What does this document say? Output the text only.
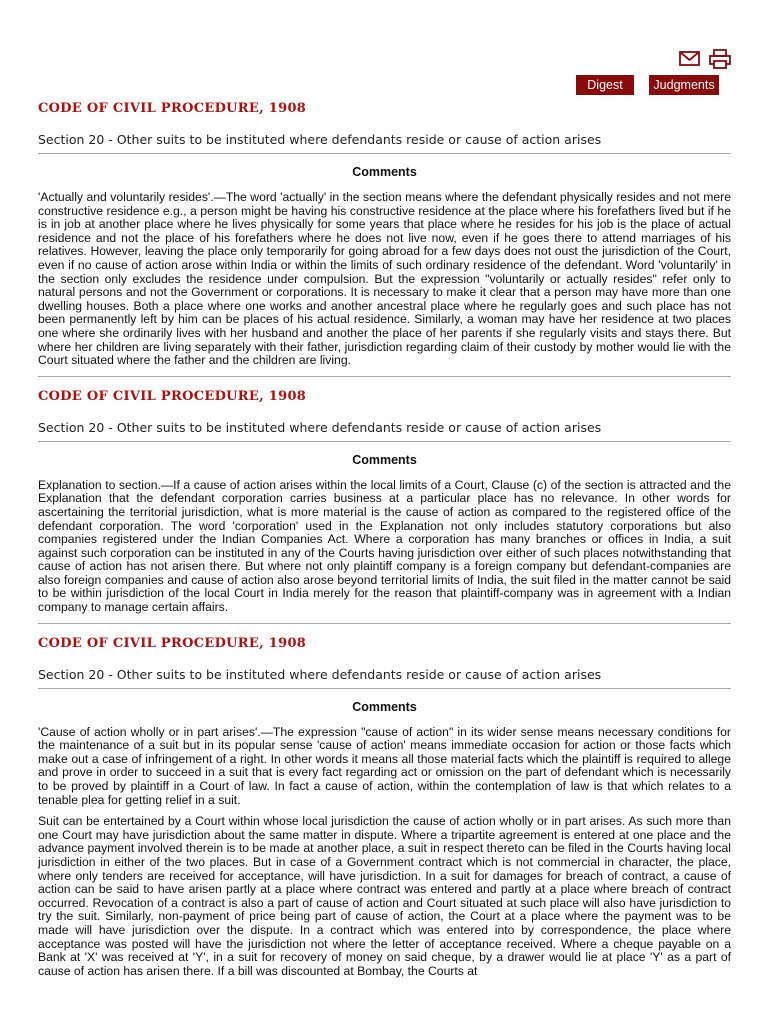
Digest	Judgments
CODE OF CIVIL PROCEDURE, 1908
Section 20 - Other suits to be instituted where defendants reside or cause of action arises
Comments

'Actually and voluntarily resides'.—The word 'actually' in the section means where the defendant physically resides and not mere constructive residence e.g., a person might be having his constructive residence at the place where his forefathers lived but if he is in job at another place where he lives physically for some years that place where he resides for his job is the place of actual residence and not the place of his forefathers where he does not live now, even if he goes there to attend marriages of his relatives. However, leaving the place only temporarily for going abroad for a few days does not oust the jurisdiction of the Court, even if no cause of action arose within India or within the limits of such ordinary residence of the defendant. Word 'voluntarily' in the section only excludes the residence under compulsion. But the expression "voluntarily or actually resides" refer only to natural persons and not the Government or corporations. It is necessary to make it clear that a person may have more than one dwelling houses. Both a place where one works and another ancestral place where he regularly goes and such place has not been permanently left by him can be places of his actual residence. Similarly, a woman may have her residence at two places one where she ordinarily lives with her husband and another the place of her parents if she regularly visits and stays there. But where her children are living separately with their father, jurisdiction regarding claim of their custody by mother would lie with the Court situated where the father and the children are living.

CODE OF CIVIL PROCEDURE, 1908
Section 20 - Other suits to be instituted where defendants reside or cause of action arises
Comments

Explanation to section.—If a cause of action arises within the local limits of a Court, Clause (c) of the section is attracted and the Explanation that the defendant corporation carries business at a particular place has no relevance. In other words for ascertaining the territorial jurisdiction, what is more material is the cause of action as compared to the registered office of the defendant corporation. The word 'corporation' used in the Explanation not only includes statutory corporations but also companies registered under the Indian Companies Act. Where a corporation has many branches or offices in India, a suit against such corporation can be instituted in any of the Courts having jurisdiction over either of such places notwithstanding that cause of action has not arisen there. But where not only plaintiff company is a foreign company but defendant-companies are also foreign companies and cause of action also arose beyond territorial limits of India, the suit filed in the matter cannot be said to be within jurisdiction of the local Court in India merely for the reason that plaintiff-company was in agreement with a Indian company to manage certain affairs.

CODE OF CIVIL PROCEDURE, 1908
Section 20 - Other suits to be instituted where defendants reside or cause of action arises
Comments

'Cause of action wholly or in part arises'.—The expression "cause of action" in its wider sense means necessary conditions for the maintenance of a suit but in its popular sense 'cause of action' means immediate occasion for action or those facts which make out a case of infringement of a right. In other words it means all those material facts which the plaintiff is required to allege and prove in order to succeed in a suit that is every fact regarding act or omission on the part of defendant which is necessarily to be proved by plaintiff in a Court of law. In fact a cause of action, within the contemplation of law is that which relates to a tenable plea for getting relief in a suit.

Suit can be entertained by a Court within whose local jurisdiction the cause of action wholly or in part arises. As such more than one Court may have jurisdiction about the same matter in dispute. Where a tripartite agreement is entered at one place and the advance payment involved therein is to be made at another place, a suit in respect thereto can be filed in the Courts having local jurisdiction in either of the two places. But in case of a Government contract which is not commercial in character, the place, where only tenders are received for acceptance, will have jurisdiction. In a suit for damages for breach of contract, a cause of action can be said to have arisen partly at a place where contract was entered and partly at a place where breach of contract occurred. Revocation of a contract is also a part of cause of action and Court situated at such place will also have jurisdiction to try the suit. Similarly, non-payment of price being part of cause of action, the Court at a place where the payment was to be made will have jurisdiction over the dispute. In a contract which was entered into by correspondence, the place where acceptance was posted will have the jurisdiction not where the letter of acceptance received. Where a cheque payable on a Bank at 'X' was received at 'Y', in a suit for recovery of money on said cheque, by a drawer would lie at place 'Y' as a part of cause of action has arisen there. If a bill was discounted at Bombay, the Courts at
